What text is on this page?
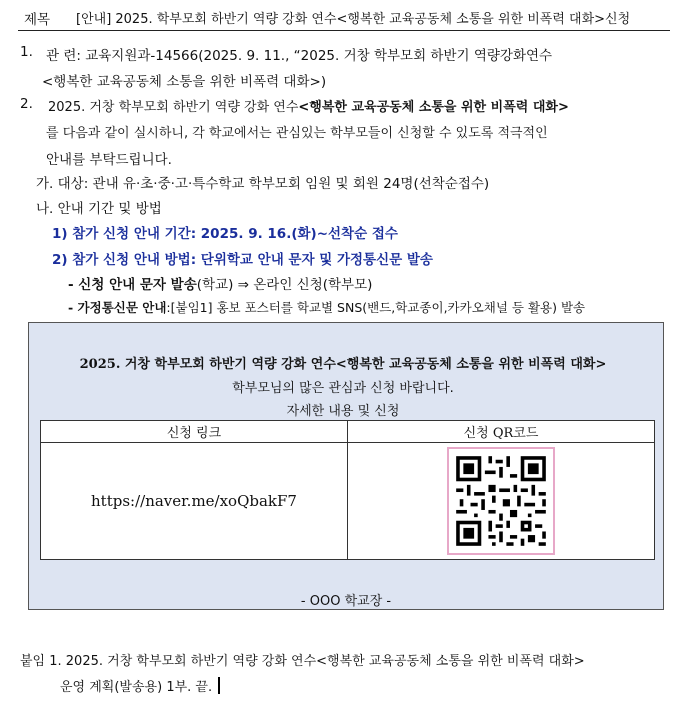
제목 [안내] 2025. 학부모회 하반기 역량 강화 연수<행복한 교육공동체 소통을 위한 비폭력 대화>신청
1. 관 련: 교육지원과-14566(2025. 9. 11., “2025. 거창 학부모회 하반기 역량강화연수
<행복한 교육공동체 소통을 위한 비폭력 대화>)
2. 2025. 거창 학부모회 하반기 역량 강화 연수<행복한 교육공동체 소통을 위한 비폭력 대화>
를 다음과 같이 실시하니, 각 학교에서는 관심있는 학부모들이 신청할 수 있도록 적극적인
안내를 부탁드립니다.
가. 대상: 관내 유·초·중·고·특수학교 학부모회 임원 및 회원 24명(선착순접수)
나. 안내 기간 및 방법
1) 참가 신청 안내 기간: 2025. 9. 16.(화)~선착순 접수
2) 참가 신청 안내 방법: 단위학교 안내 문자 및 가정통신문 발송
- 신청 안내 문자 발송(학교) ⇒ 온라인 신청(학부모)
- 가정통신문 안내:[붙임1] 홍보 포스터를 학교별 SNS(밴드,학교종이,카카오채널 등 활용) 발송
2025. 거창 학부모회 하반기 역량 강화 연수<행복한 교육공동체 소통을 위한 비폭력 대화>
학부모님의 많은 관심과 신청 바랍니다.
자세한 내용 및 신청
신청 링크	신청 QR코드
https://naver.me/xoQbakF7	
- OOO 학교장 -
붙임 1. 2025. 거창 학부모회 하반기 역량 강화 연수<행복한 교육공동체 소통을 위한 비폭력 대화>
운영 계획(발송용) 1부. 끝.
